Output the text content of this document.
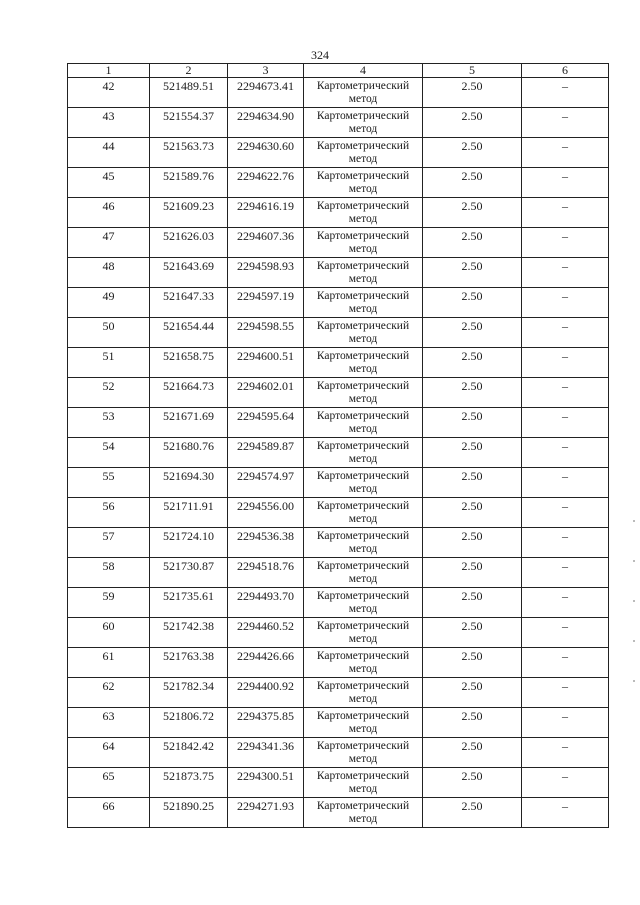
324
1	2	3	4	5	6
42	521489.51	2294673.41	Картометрический метод	2.50	–
43	521554.37	2294634.90	Картометрический метод	2.50	–
44	521563.73	2294630.60	Картометрический метод	2.50	–
45	521589.76	2294622.76	Картометрический метод	2.50	–
46	521609.23	2294616.19	Картометрический метод	2.50	–
47	521626.03	2294607.36	Картометрический метод	2.50	–
48	521643.69	2294598.93	Картометрический метод	2.50	–
49	521647.33	2294597.19	Картометрический метод	2.50	–
50	521654.44	2294598.55	Картометрический метод	2.50	–
51	521658.75	2294600.51	Картометрический метод	2.50	–
52	521664.73	2294602.01	Картометрический метод	2.50	–
53	521671.69	2294595.64	Картометрический метод	2.50	–
54	521680.76	2294589.87	Картометрический метод	2.50	–
55	521694.30	2294574.97	Картометрический метод	2.50	–
56	521711.91	2294556.00	Картометрический метод	2.50	–
57	521724.10	2294536.38	Картометрический метод	2.50	–
58	521730.87	2294518.76	Картометрический метод	2.50	–
59	521735.61	2294493.70	Картометрический метод	2.50	–
60	521742.38	2294460.52	Картометрический метод	2.50	–
61	521763.38	2294426.66	Картометрический метод	2.50	–
62	521782.34	2294400.92	Картометрический метод	2.50	–
63	521806.72	2294375.85	Картометрический метод	2.50	–
64	521842.42	2294341.36	Картометрический метод	2.50	–
65	521873.75	2294300.51	Картометрический метод	2.50	–
66	521890.25	2294271.93	Картометрический метод	2.50	–
